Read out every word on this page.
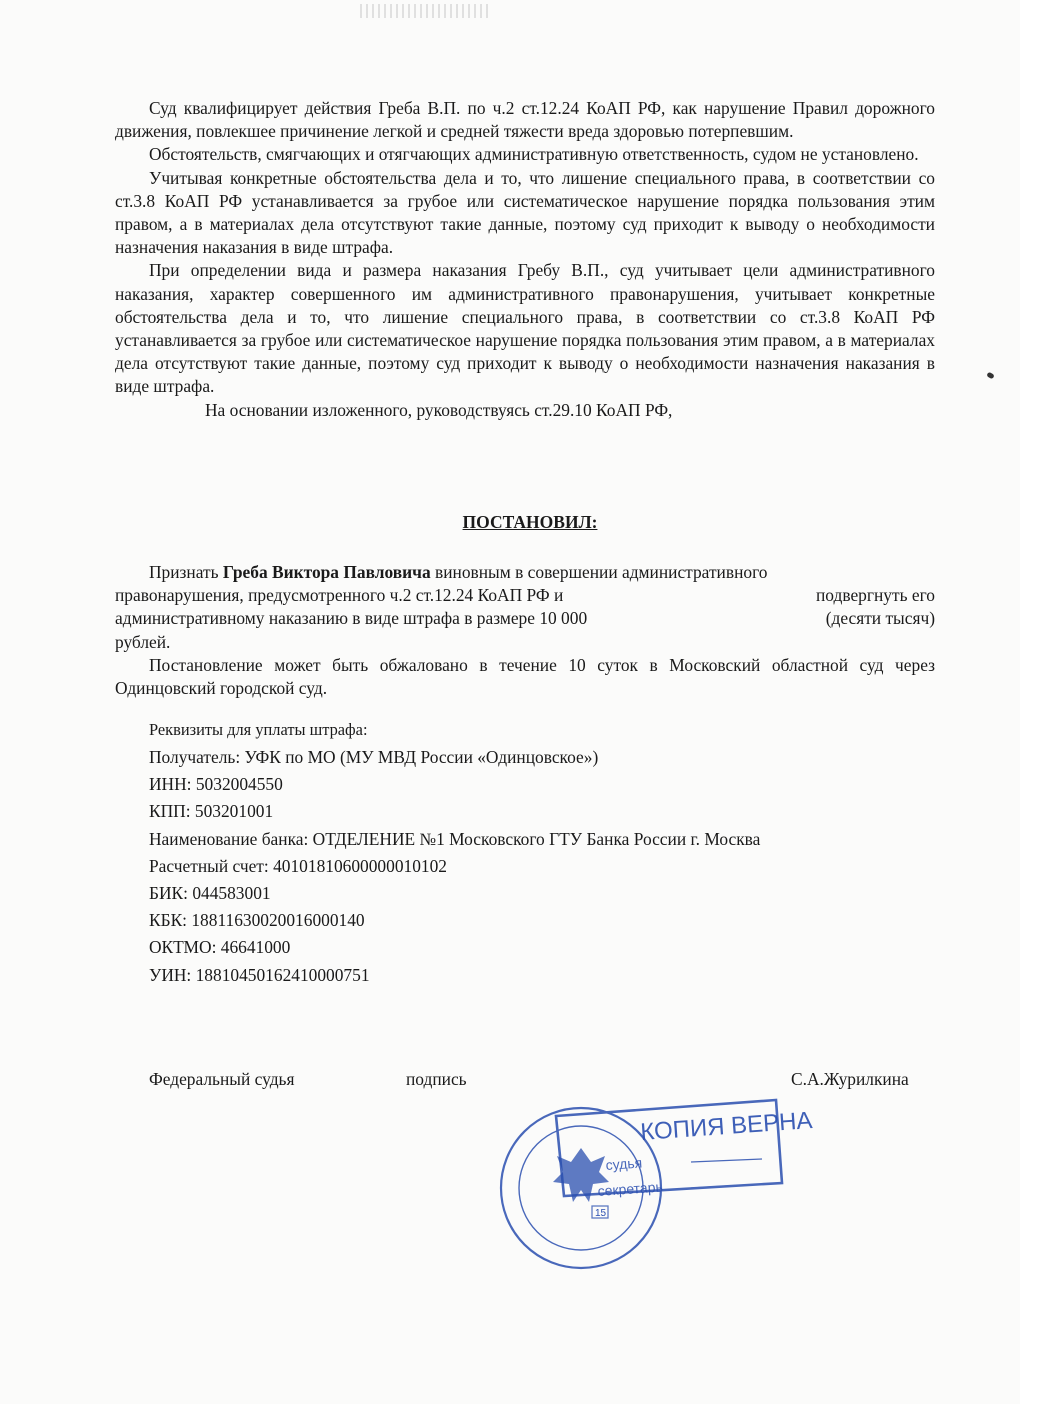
Суд квалифицирует действия Греба В.П. по ч.2 ст.12.24 КоАП РФ, как нарушение Правил дорожного движения, повлекшее причинение легкой и средней тяжести вреда здоровью потерпевшим.

Обстоятельств, смягчающих и отягчающих административную ответственность, судом не установлено.

Учитывая конкретные обстоятельства дела и то, что лишение специального права, в соответствии со ст.3.8 КоАП РФ устанавливается за грубое или систематическое нарушение порядка пользования этим правом, а в материалах дела отсутствуют такие данные, поэтому суд приходит к выводу о необходимости назначения наказания в виде штрафа.

При определении вида и размера наказания Гребу В.П., суд учитывает цели административного наказания, характер совершенного им административного правонарушения, учитывает конкретные обстоятельства дела и то, что лишение специального права, в соответствии со ст.3.8 КоАП РФ устанавливается за грубое или систематическое нарушение порядка пользования этим правом, а в материалах дела отсутствуют такие данные, поэтому суд приходит к выводу о необходимости назначения наказания в виде штрафа.

На основании изложенного, руководствуясь ст.29.10 КоАП РФ,

ПОСТАНОВИЛ:

Признать Греба Виктора Павловича виновным в совершении административного

правонарушения, предусмотренного ч.2 ст.12.24 КоАП РФ и	подвергнуть его

административному наказанию в виде штрафа в размере 10 000	(десяти тысяч)

рублей.

Постановление может быть обжаловано в течение 10 суток в Московский областной суд через Одинцовский городской суд.

Реквизиты для уплаты штрафа:
Получатель: УФК по МО (МУ МВД России «Одинцовское»)
ИНН: 5032004550
КПП: 503201001
Наименование банка: ОТДЕЛЕНИЕ №1 Московского ГТУ Банка России г. Москва
Расчетный счет: 40101810600000010102
БИК: 044583001
КБК: 18811630020016000140
ОКТМО: 46641000
УИН: 18810450162410000751
Федеральный судья	подпись	С.А.Журилкина
КОПИЯ ВЕРНА
судья
секретарь
15
